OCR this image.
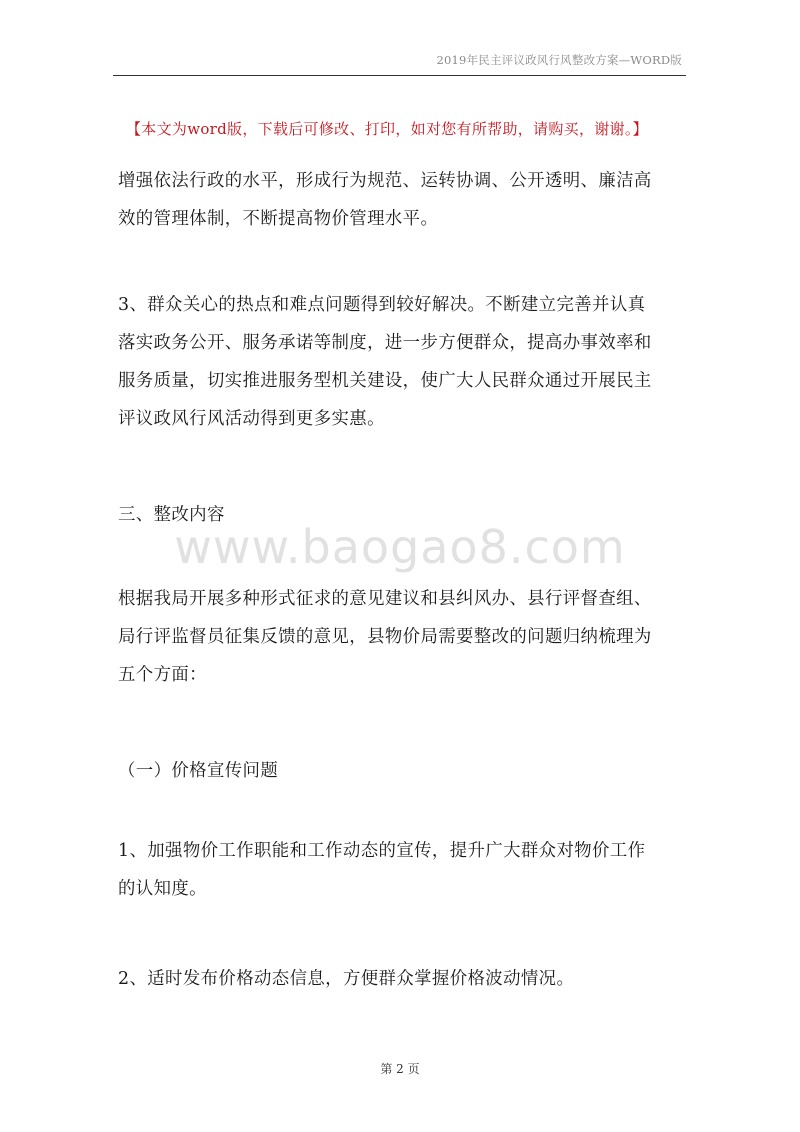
2019年民主评议政风行风整改方案—WORD版
【本文为word版，下载后可修改、打印，如对您有所帮助，请购买，谢谢。】
增强依法行政的水平，形成行为规范、运转协调、公开透明、廉洁高
效的管理体制，不断提高物价管理水平。
3、群众关心的热点和难点问题得到较好解决。不断建立完善并认真
落实政务公开、服务承诺等制度，进一步方便群众，提高办事效率和
服务质量，切实推进服务型机关建设，使广大人民群众通过开展民主
评议政风行风活动得到更多实惠。
三、整改内容
www.baogao8.com
根据我局开展多种形式征求的意见建议和县纠风办、县行评督查组、
局行评监督员征集反馈的意见，县物价局需要整改的问题归纳梳理为
五个方面：
（一）价格宣传问题
1、加强物价工作职能和工作动态的宣传，提升广大群众对物价工作
的认知度。
2、适时发布价格动态信息，方便群众掌握价格波动情况。
第 2 页
